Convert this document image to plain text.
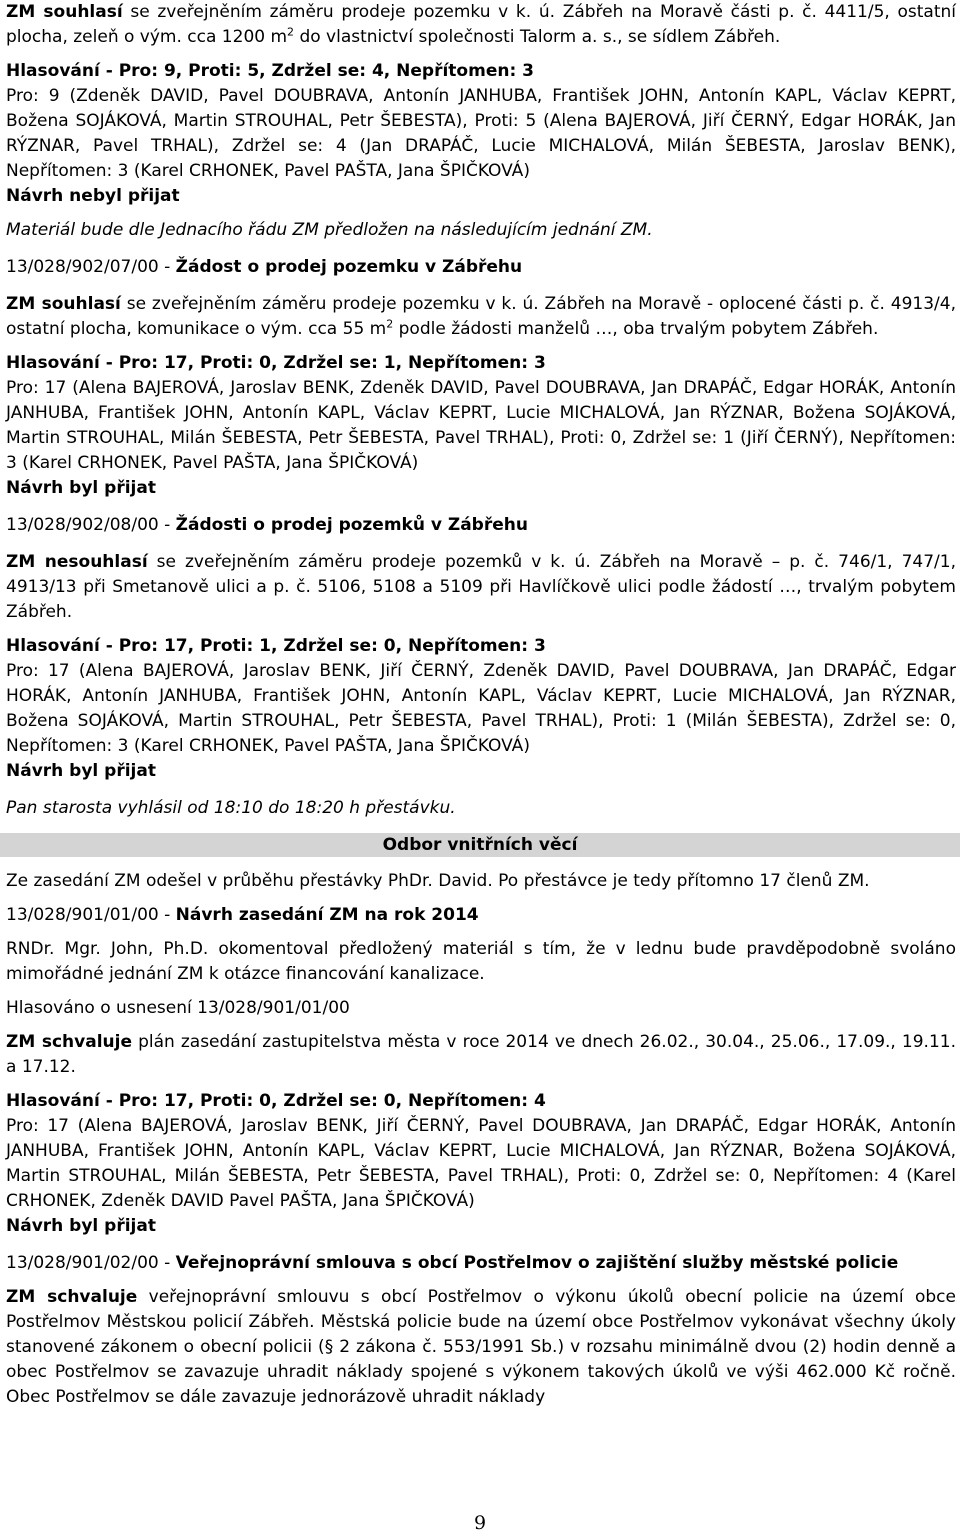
ZM souhlasí se zveřejněním záměru prodeje pozemku v k. ú. Zábřeh na Moravě části p. č. 4411/5, ostatní plocha, zeleň o vým. cca 1200 $m^2$ do vlastnictví společnosti Talorm a. s., se sídlem Zábřeh.

Hlasování - Pro: 9, Proti: 5, Zdržel se: 4, Nepřítomen: 3

Pro: 9 (Zdeněk DAVID, Pavel DOUBRAVA, Antonín JANHUBA, František JOHN, Antonín KAPL, Václav KEPRT, Božena SOJÁKOVÁ, Martin STROUHAL, Petr ŠEBESTA), Proti: 5 (Alena BAJEROVÁ, Jiří ČERNÝ, Edgar HORÁK, Jan RÝZNAR, Pavel TRHAL), Zdržel se: 4 (Jan DRAPÁČ, Lucie MICHALOVÁ, Milán ŠEBESTA, Jaroslav BENK), Nepřítomen: 3 (Karel CRHONEK, Pavel PAŠTA, Jana ŠPIČKOVÁ)

Návrh nebyl přijat

Materiál bude dle Jednacího řádu ZM předložen na následujícím jednání ZM.

13/028/902/07/00 - Žádost o prodej pozemku v Zábřehu

ZM souhlasí se zveřejněním záměru prodeje pozemku v k. ú. Zábřeh na Moravě - oplocené části p. č. 4913/4, ostatní plocha, komunikace o vým. cca 55 $m^2$ podle žádosti manželů …, oba trvalým pobytem Zábřeh.

Hlasování - Pro: 17, Proti: 0, Zdržel se: 1, Nepřítomen: 3

Pro: 17 (Alena BAJEROVÁ, Jaroslav BENK, Zdeněk DAVID, Pavel DOUBRAVA, Jan DRAPÁČ, Edgar HORÁK, Antonín JANHUBA, František JOHN, Antonín KAPL, Václav KEPRT, Lucie MICHALOVÁ, Jan RÝZNAR, Božena SOJÁKOVÁ, Martin STROUHAL, Milán ŠEBESTA, Petr ŠEBESTA, Pavel TRHAL), Proti: 0, Zdržel se: 1 (Jiří ČERNÝ), Nepřítomen: 3 (Karel CRHONEK, Pavel PAŠTA, Jana ŠPIČKOVÁ)

Návrh byl přijat

13/028/902/08/00 - Žádosti o prodej pozemků v Zábřehu

ZM nesouhlasí se zveřejněním záměru prodeje pozemků v k. ú. Zábřeh na Moravě – p. č. 746/1, 747/1, 4913/13 při Smetanově ulici a p. č. 5106, 5108 a 5109 při Havlíčkově ulici podle žádostí …, trvalým pobytem Zábřeh.

Hlasování - Pro: 17, Proti: 1, Zdržel se: 0, Nepřítomen: 3

Pro: 17 (Alena BAJEROVÁ, Jaroslav BENK, Jiří ČERNÝ, Zdeněk DAVID, Pavel DOUBRAVA, Jan DRAPÁČ, Edgar HORÁK, Antonín JANHUBA, František JOHN, Antonín KAPL, Václav KEPRT, Lucie MICHALOVÁ, Jan RÝZNAR, Božena SOJÁKOVÁ, Martin STROUHAL, Petr ŠEBESTA, Pavel TRHAL), Proti: 1 (Milán ŠEBESTA), Zdržel se: 0, Nepřítomen: 3 (Karel CRHONEK, Pavel PAŠTA, Jana ŠPIČKOVÁ)

Návrh byl přijat

Pan starosta vyhlásil od 18:10 do 18:20 h přestávku.

Odbor vnitřních věcí

Ze zasedání ZM odešel v průběhu přestávky PhDr. David. Po přestávce je tedy přítomno 17 členů ZM.

13/028/901/01/00 - Návrh zasedání ZM na rok 2014

RNDr. Mgr. John, Ph.D. okomentoval předložený materiál s tím, že v lednu bude pravděpodobně svoláno mimořádné jednání ZM k otázce financování kanalizace.

Hlasováno o usnesení 13/028/901/01/00

ZM schvaluje plán zasedání zastupitelstva města v roce 2014 ve dnech 26.02., 30.04., 25.06., 17.09., 19.11. a 17.12.

Hlasování - Pro: 17, Proti: 0, Zdržel se: 0, Nepřítomen: 4

Pro: 17 (Alena BAJEROVÁ, Jaroslav BENK, Jiří ČERNÝ, Pavel DOUBRAVA, Jan DRAPÁČ, Edgar HORÁK, Antonín JANHUBA, František JOHN, Antonín KAPL, Václav KEPRT, Lucie MICHALOVÁ, Jan RÝZNAR, Božena SOJÁKOVÁ, Martin STROUHAL, Milán ŠEBESTA, Petr ŠEBESTA, Pavel TRHAL), Proti: 0, Zdržel se: 0, Nepřítomen: 4 (Karel CRHONEK, Zdeněk DAVID Pavel PAŠTA, Jana ŠPIČKOVÁ)

Návrh byl přijat

13/028/901/02/00 - Veřejnoprávní smlouva s obcí Postřelmov o zajištění služby městské policie

ZM schvaluje veřejnoprávní smlouvu s obcí Postřelmov o výkonu úkolů obecní policie na území obce Postřelmov Městskou policií Zábřeh. Městská policie bude na území obce Postřelmov vykonávat všechny úkoly stanovené zákonem o obecní policii (§ 2 zákona č. 553/1991 Sb.) v rozsahu minimálně dvou (2) hodin denně a obec Postřelmov se zavazuje uhradit náklady spojené s výkonem takových úkolů ve výši 462.000 Kč ročně. Obec Postřelmov se dále zavazuje jednorázově uhradit náklady

9
